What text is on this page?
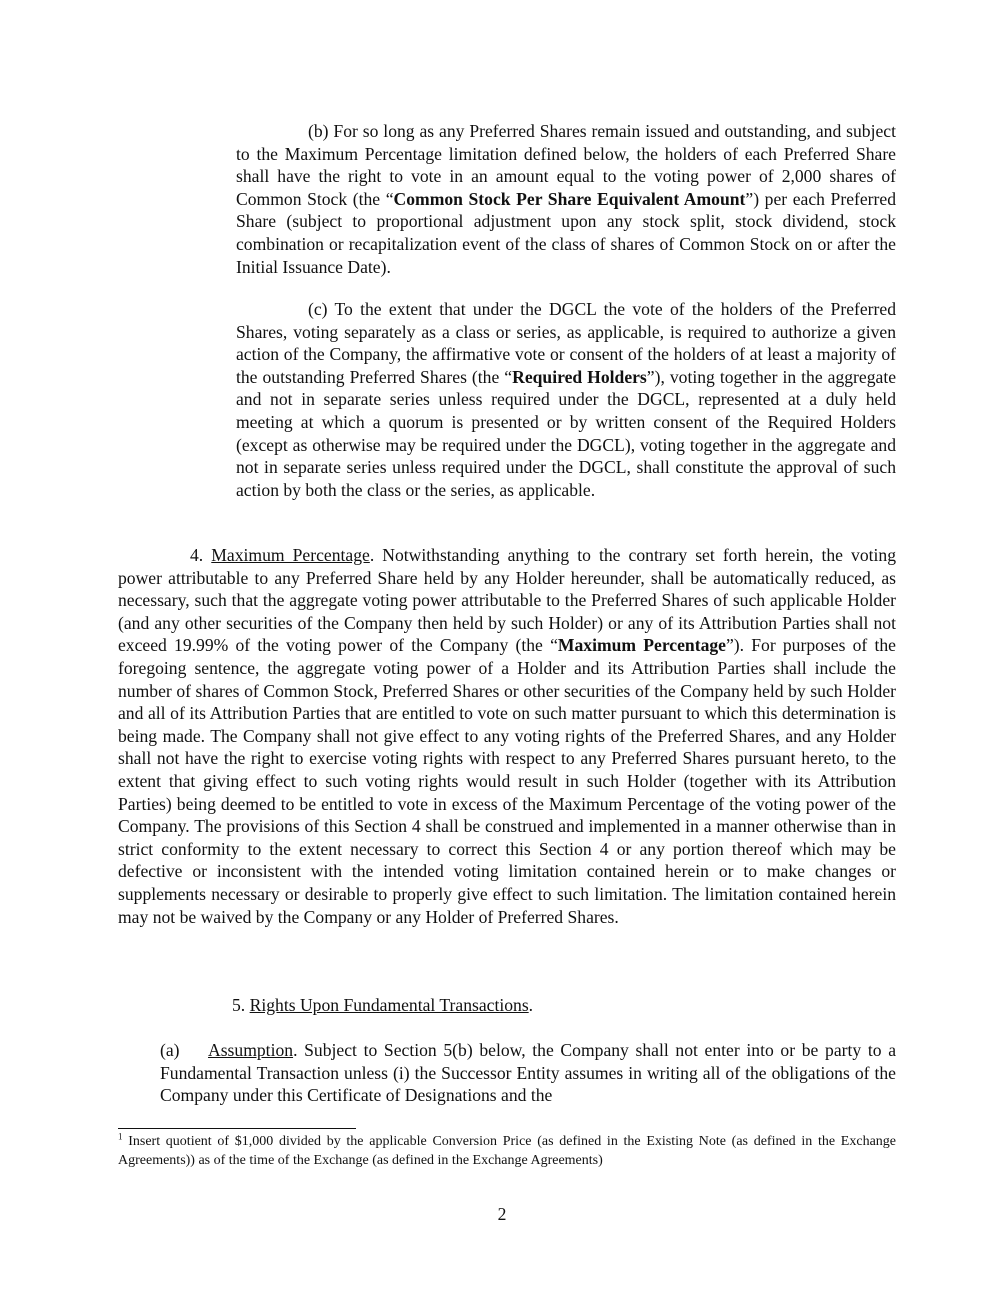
(b) For so long as any Preferred Shares remain issued and outstanding, and subject to the Maximum Percentage limitation defined below, the holders of each Preferred Share shall have the right to vote in an amount equal to the voting power of 2,000 shares of Common Stock (the “Common Stock Per Share Equivalent Amount”) per each Preferred Share (subject to proportional adjustment upon any stock split, stock dividend, stock combination or recapitalization event of the class of shares of Common Stock on or after the Initial Issuance Date).

(c) To the extent that under the DGCL the vote of the holders of the Preferred Shares, voting separately as a class or series, as applicable, is required to authorize a given action of the Company, the affirmative vote or consent of the holders of at least a majority of the outstanding Preferred Shares (the “Required Holders”), voting together in the aggregate and not in separate series unless required under the DGCL, represented at a duly held meeting at which a quorum is presented or by written consent of the Required Holders (except as otherwise may be required under the DGCL), voting together in the aggregate and not in separate series unless required under the DGCL, shall constitute the approval of such action by both the class or the series, as applicable.

4. Maximum Percentage. Notwithstanding anything to the contrary set forth herein, the voting power attributable to any Preferred Share held by any Holder hereunder, shall be automatically reduced, as necessary, such that the aggregate voting power attributable to the Preferred Shares of such applicable Holder (and any other securities of the Company then held by such Holder) or any of its Attribution Parties shall not exceed 19.99% of the voting power of the Company (the “Maximum Percentage”). For purposes of the foregoing sentence, the aggregate voting power of a Holder and its Attribution Parties shall include the number of shares of Common Stock, Preferred Shares or other securities of the Company held by such Holder and all of its Attribution Parties that are entitled to vote on such matter pursuant to which this determination is being made. The Company shall not give effect to any voting rights of the Preferred Shares, and any Holder shall not have the right to exercise voting rights with respect to any Preferred Shares pursuant hereto, to the extent that giving effect to such voting rights would result in such Holder (together with its Attribution Parties) being deemed to be entitled to vote in excess of the Maximum Percentage of the voting power of the Company. The provisions of this Section 4 shall be construed and implemented in a manner otherwise than in strict conformity to the extent necessary to correct this Section 4 or any portion thereof which may be defective or inconsistent with the intended voting limitation contained herein or to make changes or supplements necessary or desirable to properly give effect to such limitation. The limitation contained herein may not be waived by the Company or any Holder of Preferred Shares.

5. Rights Upon Fundamental Transactions.

(a) Assumption. Subject to Section 5(b) below, the Company shall not enter into or be party to a Fundamental Transaction unless (i) the Successor Entity assumes in writing all of the obligations of the Company under this Certificate of Designations and the

$^1$ Insert quotient of $1,000 divided by the applicable Conversion Price (as defined in the Existing Note (as defined in the Exchange Agreements)) as of the time of the Exchange (as defined in the Exchange Agreements)

2
